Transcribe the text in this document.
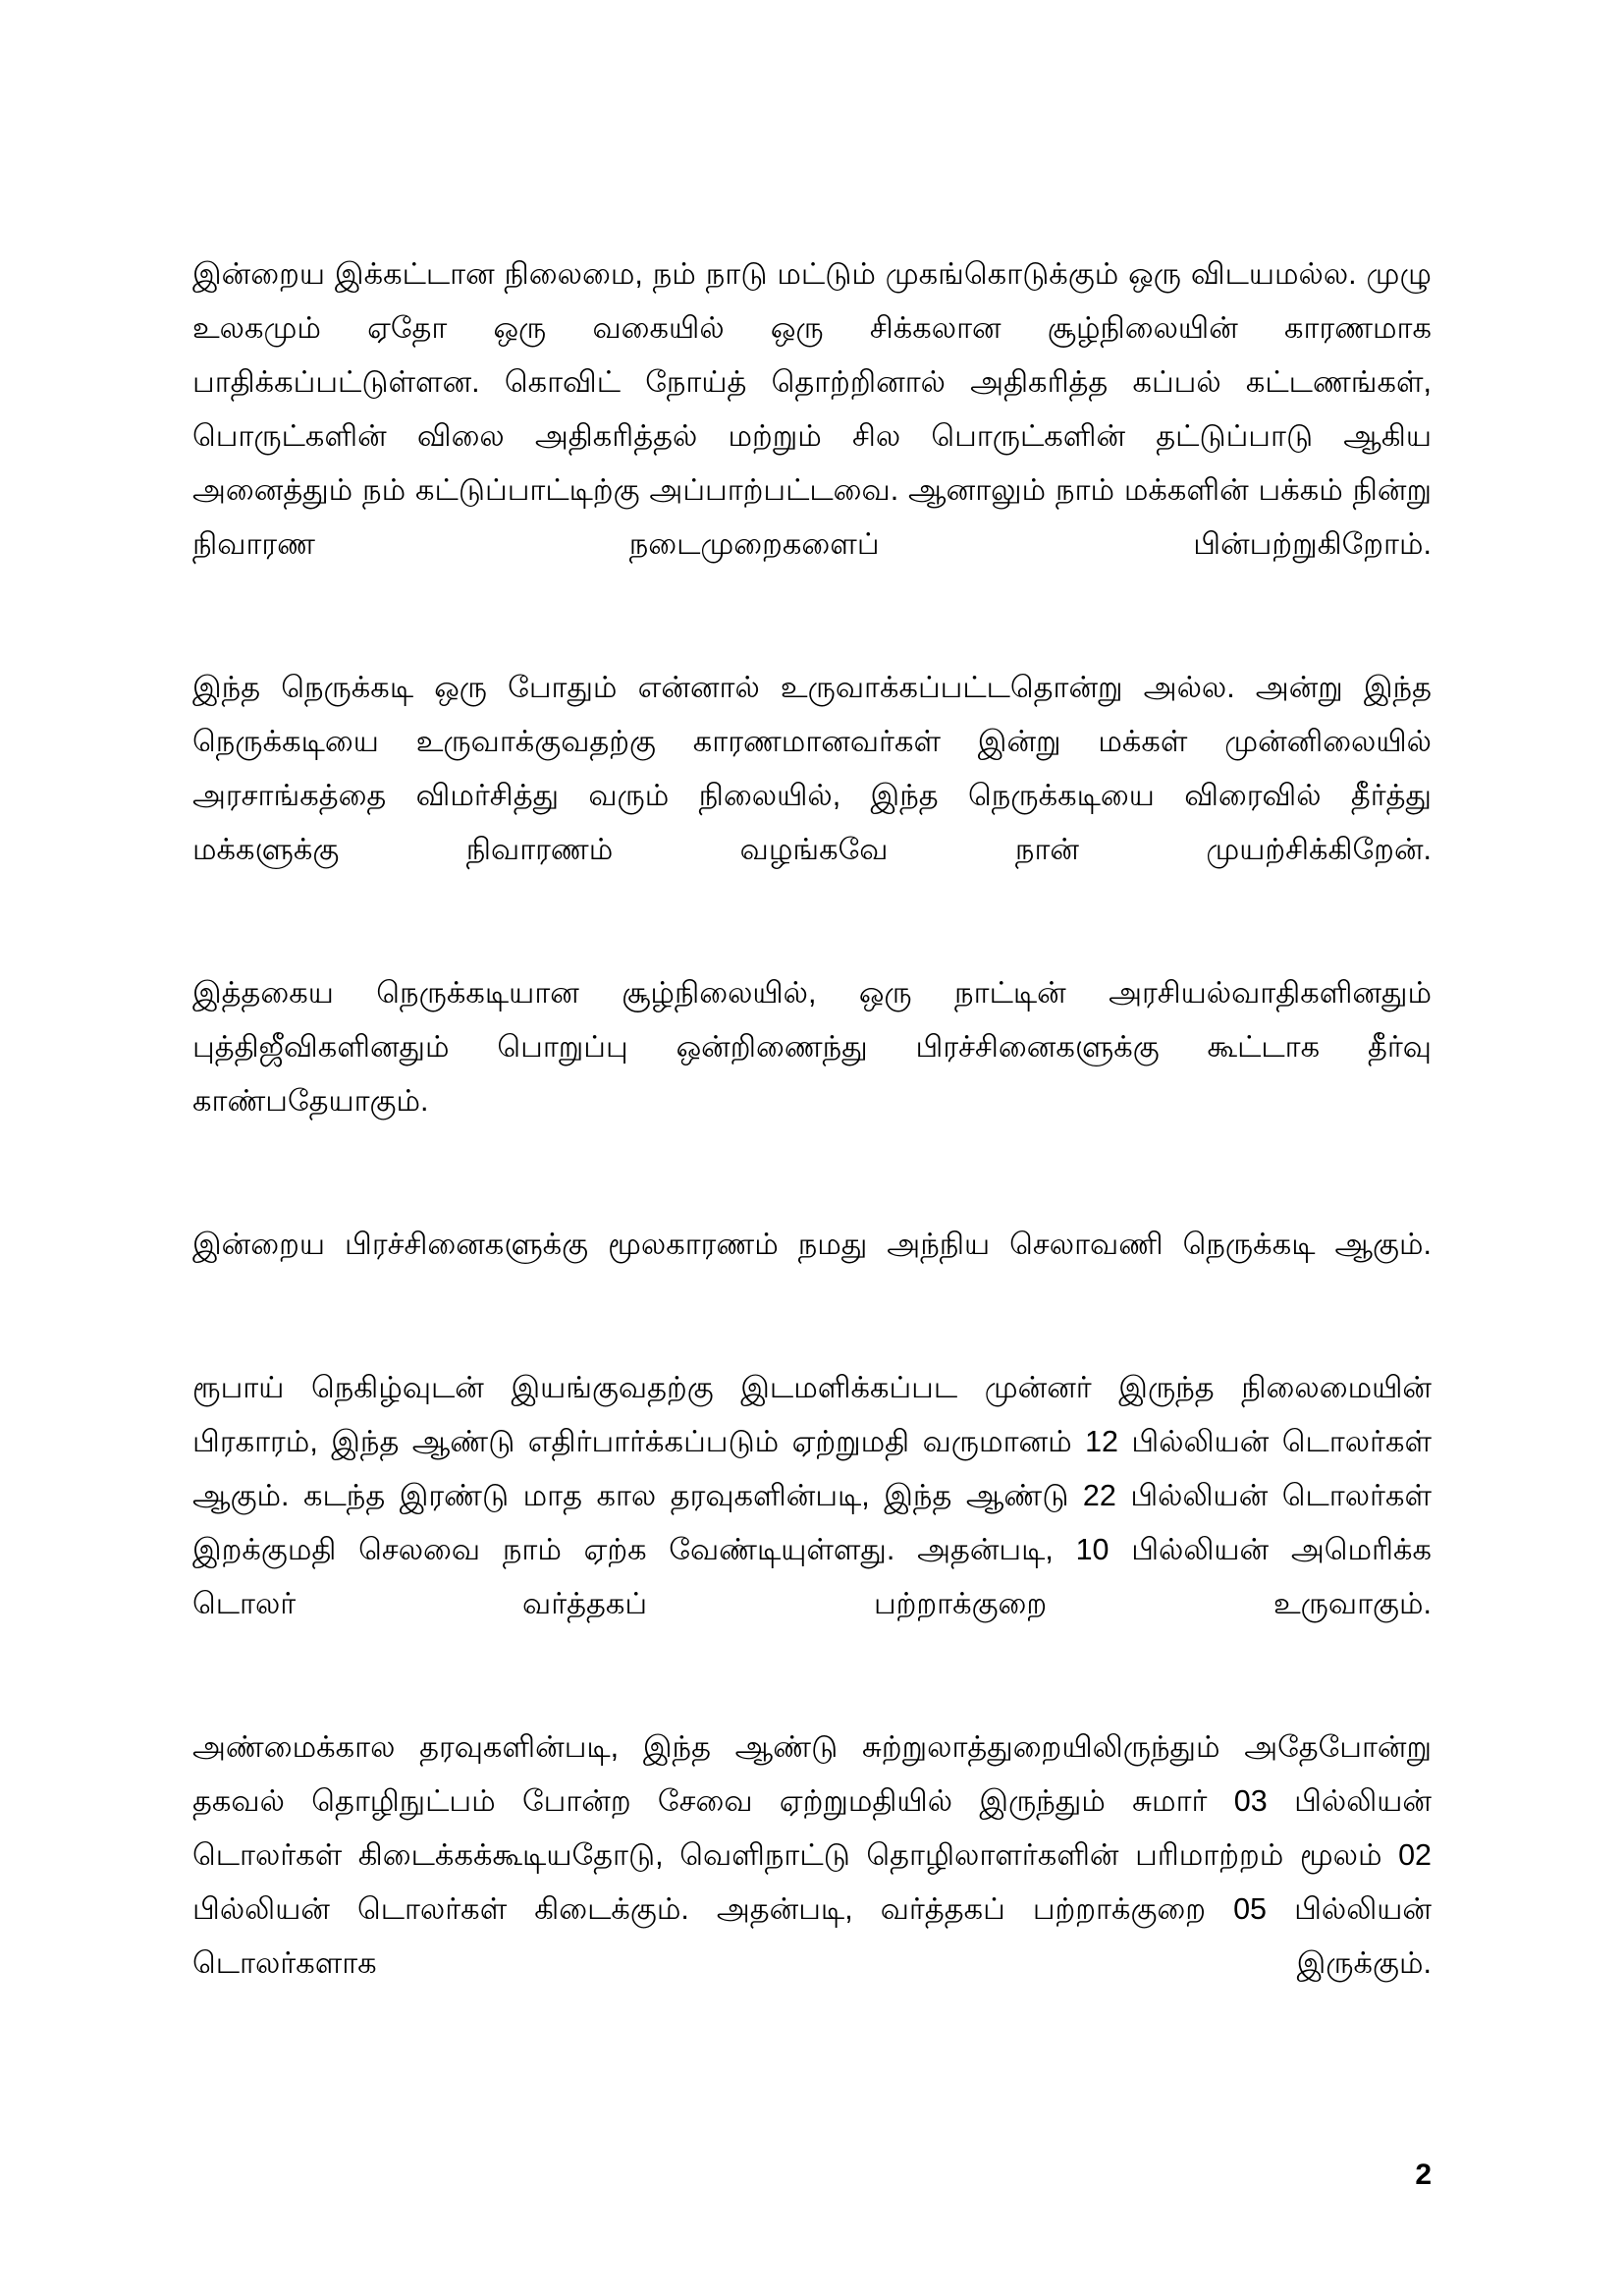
இன்றைய இக்கட்டான நிலைமை, நம் நாடு மட்டும் முகங்கொடுக்கும் ஒரு விடயமல்ல. முழு உலகமும் ஏதோ ஒரு வகையில் ஒரு சிக்கலான சூழ்நிலையின் காரணமாக பாதிக்கப்பட்டுள்ளன. கொவிட் நோய்த் தொற்றினால் அதிகரித்த கப்பல் கட்டணங்கள், பொருட்களின் விலை அதிகரித்தல் மற்றும் சில பொருட்களின் தட்டுப்பாடு ஆகிய அனைத்தும் நம் கட்டுப்பாட்டிற்கு அப்பாற்பட்டவை. ஆனாலும் நாம் மக்களின் பக்கம் நின்று நிவாரண நடைமுறைகளைப் பின்பற்றுகிறோம்.

இந்த நெருக்கடி ஒரு போதும் என்னால் உருவாக்கப்பட்டதொன்று அல்ல. அன்று இந்த நெருக்கடியை உருவாக்குவதற்கு காரணமானவர்கள் இன்று மக்கள் முன்னிலையில் அரசாங்கத்தை விமர்சித்து வரும் நிலையில், இந்த நெருக்கடியை விரைவில் தீர்த்து மக்களுக்கு நிவாரணம் வழங்கவே நான் முயற்சிக்கிறேன்.

இத்தகைய நெருக்கடியான சூழ்நிலையில், ஒரு நாட்டின் அரசியல்வாதிகளினதும் புத்திஜீவிகளினதும் பொறுப்பு ஒன்றிணைந்து பிரச்சினைகளுக்கு கூட்டாக தீர்வு காண்பதேயாகும்.

இன்றைய பிரச்சினைகளுக்கு மூலகாரணம் நமது அந்நிய செலாவணி நெருக்கடி ஆகும்.

ரூபாய் நெகிழ்வுடன் இயங்குவதற்கு இடமளிக்கப்பட முன்னர் இருந்த நிலைமையின் பிரகாரம், இந்த ஆண்டு எதிர்பார்க்கப்படும் ஏற்றுமதி வருமானம் 12 பில்லியன் டொலர்கள் ஆகும். கடந்த இரண்டு மாத கால தரவுகளின்படி, இந்த ஆண்டு 22 பில்லியன் டொலர்கள் இறக்குமதி செலவை நாம் ஏற்க வேண்டியுள்ளது. அதன்படி, 10 பில்லியன் அமெரிக்க டொலர் வர்த்தகப் பற்றாக்குறை உருவாகும்.

அண்மைக்கால தரவுகளின்படி, இந்த ஆண்டு சுற்றுலாத்துறையிலிருந்தும் அதேபோன்று தகவல் தொழிநுட்பம் போன்ற சேவை ஏற்றுமதியில் இருந்தும் சுமார் 03 பில்லியன் டொலர்கள் கிடைக்கக்கூடியதோடு, வெளிநாட்டு தொழிலாளர்களின் பரிமாற்றம் மூலம் 02 பில்லியன் டொலர்கள் கிடைக்கும். அதன்படி, வர்த்தகப் பற்றாக்குறை 05 பில்லியன் டொலர்களாக இருக்கும்.

2
